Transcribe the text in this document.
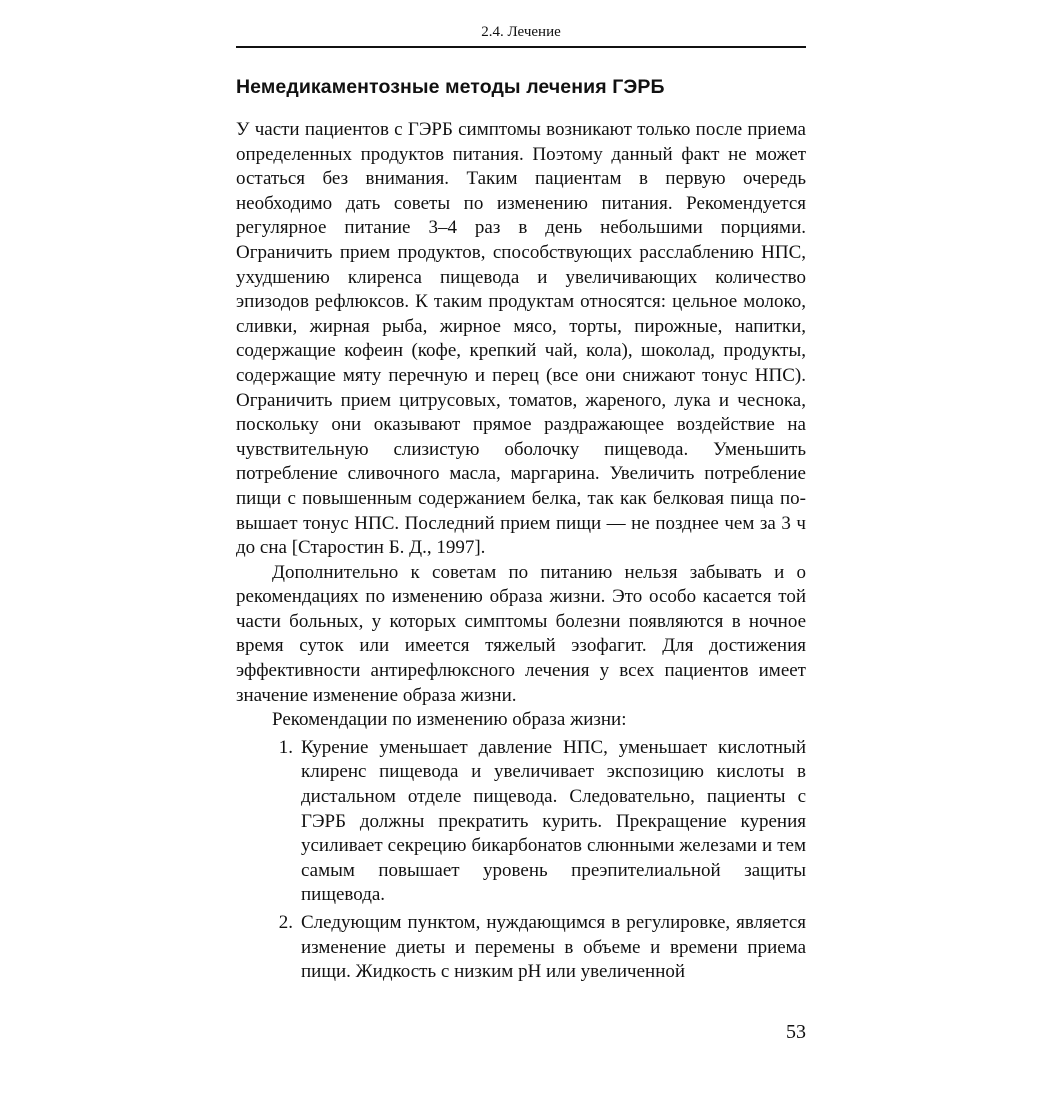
2.4. Лечение
Немедикаментозные методы лечения ГЭРБ

У части пациентов с ГЭРБ симптомы возникают только после приема определенных продуктов питания. Поэтому данный факт не может остаться без внимания. Таким пациентам в первую очередь необходимо дать советы по изменению питания. Рекомендуется регулярное питание 3–4 раз в день небольшими порциями. Ограничить прием продуктов, способствующих расслаблению НПС, ухудшению клиренса пищевода и увеличивающих количество эпизодов рефлюксов. К таким продуктам относятся: цельное молоко, сливки, жирная рыба, жирное мясо, торты, пирожные, напитки, содержащие кофеин (кофе, крепкий чай, кола), шоколад, продукты, содержащие мяту перечную и перец (все они снижают тонус НПС). Ограничить прием цитрусовых, томатов, жареного, лука и чеснока, поскольку они оказывают прямое раздражающее воздействие на чувствительную слизистую оболочку пищевода. Уменьшить потребление сливочного масла, маргарина. Увеличить потребление пищи с повышенным содержанием белка, так как белковая пища повышает тонус НПС. Последний прием пищи — не позднее чем за 3 ч до сна [Старостин Б. Д., 1997].

Дополнительно к советам по питанию нельзя забывать и о рекомендациях по изменению образа жизни. Это особо касается той части больных, у которых симптомы болезни появляются в ночное время суток или имеется тяжелый эзофагит. Для достижения эффективности антирефлюксного лечения у всех пациентов имеет значение изменение образа жизни.

Рекомендации по изменению образа жизни:

1. Курение уменьшает давление НПС, уменьшает кислотный клиренс пищевода и увеличивает экспозицию кислоты в дистальном отделе пищевода. Следовательно, пациенты с ГЭРБ должны прекратить курить. Прекращение курения усиливает секрецию бикарбонатов слюнными железами и тем самым повышает уровень преэпителиальной защиты пищевода.
2. Следующим пунктом, нуждающимся в регулировке, является изменение диеты и перемены в объеме и времени приема пищи. Жидкость с низким pH или увеличенной
53
